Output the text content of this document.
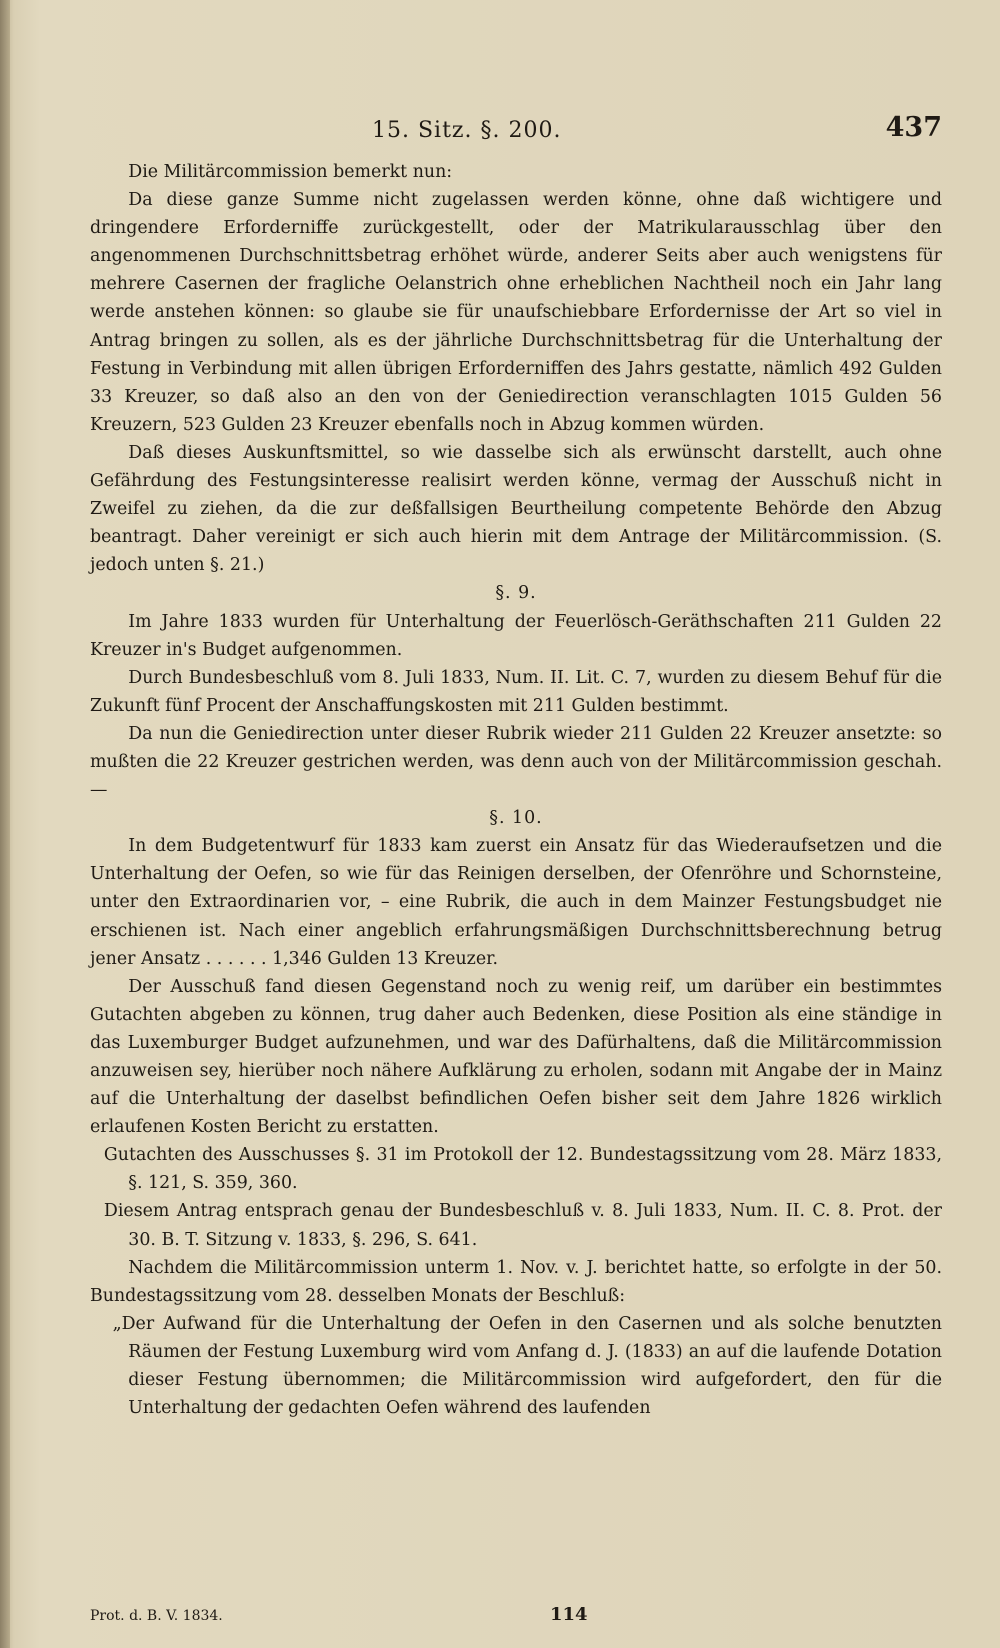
15. Sitz. §. 200.	437

Die Militärcommission bemerkt nun:

Da diese ganze Summe nicht zugelassen werden könne, ohne daß wichtigere und dringendere Erforderniffe zurückgestellt, oder der Matrikularausschlag über den angenommenen Durchschnittsbetrag erhöhet würde, anderer Seits aber auch wenigstens für mehrere Casernen der fragliche Oelanstrich ohne erheblichen Nachtheil noch ein Jahr lang werde anstehen können: so glaube sie für unaufschiebbare Erfordernisse der Art so viel in Antrag bringen zu sollen, als es der jährliche Durchschnittsbetrag für die Unterhaltung der Festung in Verbindung mit allen übrigen Erforderniffen des Jahrs gestatte, nämlich 492 Gulden 33 Kreuzer, so daß also an den von der Geniedirection veranschlagten 1015 Gulden 56 Kreuzern, 523 Gulden 23 Kreuzer ebenfalls noch in Abzug kommen würden.

Daß dieses Auskunftsmittel, so wie dasselbe sich als erwünscht darstellt, auch ohne Gefährdung des Festungsinteresse realisirt werden könne, vermag der Ausschuß nicht in Zweifel zu ziehen, da die zur deßfallsigen Beurtheilung competente Behörde den Abzug beantragt. Daher vereinigt er sich auch hierin mit dem Antrage der Militärcommission. (S. jedoch unten §. 21.)

§. 9.

Im Jahre 1833 wurden für Unterhaltung der Feuerlösch-Geräthschaften 211 Gulden 22 Kreuzer in's Budget aufgenommen.

Durch Bundesbeschluß vom 8. Juli 1833, Num. II. Lit. C. 7, wurden zu diesem Behuf für die Zukunft fünf Procent der Anschaffungskosten mit 211 Gulden bestimmt.

Da nun die Geniedirection unter dieser Rubrik wieder 211 Gulden 22 Kreuzer ansetzte: so mußten die 22 Kreuzer gestrichen werden, was denn auch von der Militärcommission geschah. —

§. 10.

In dem Budgetentwurf für 1833 kam zuerst ein Ansatz für das Wiederaufsetzen und die Unterhaltung der Oefen, so wie für das Reinigen derselben, der Ofenröhre und Schornsteine, unter den Extraordinarien vor, – eine Rubrik, die auch in dem Mainzer Festungsbudget nie erschienen ist. Nach einer angeblich erfahrungsmäßigen Durchschnittsberechnung betrug jener Ansatz . . . . . . 1,346 Gulden 13 Kreuzer.

Der Ausschuß fand diesen Gegenstand noch zu wenig reif, um darüber ein bestimmtes Gutachten abgeben zu können, trug daher auch Bedenken, diese Position als eine ständige in das Luxemburger Budget aufzunehmen, und war des Dafürhaltens, daß die Militärcommission anzuweisen sey, hierüber noch nähere Aufklärung zu erholen, sodann mit Angabe der in Mainz auf die Unterhaltung der daselbst befindlichen Oefen bisher seit dem Jahre 1826 wirklich erlaufenen Kosten Bericht zu erstatten.

Gutachten des Ausschusses §. 31 im Protokoll der 12. Bundestagssitzung vom 28. März 1833, §. 121, S. 359, 360.

Diesem Antrag entsprach genau der Bundesbeschluß v. 8. Juli 1833, Num. II. C. 8. Prot. der 30. B. T. Sitzung v. 1833, §. 296, S. 641.

Nachdem die Militärcommission unterm 1. Nov. v. J. berichtet hatte, so erfolgte in der 50. Bundestagssitzung vom 28. desselben Monats der Beschluß:

„Der Aufwand für die Unterhaltung der Oefen in den Casernen und als solche benutzten Räumen der Festung Luxemburg wird vom Anfang d. J. (1833) an auf die laufende Dotation dieser Festung übernommen; die Militärcommission wird aufgefordert, den für die Unterhaltung der gedachten Oefen während des laufenden

Prot. d. B. V. 1834.	114
